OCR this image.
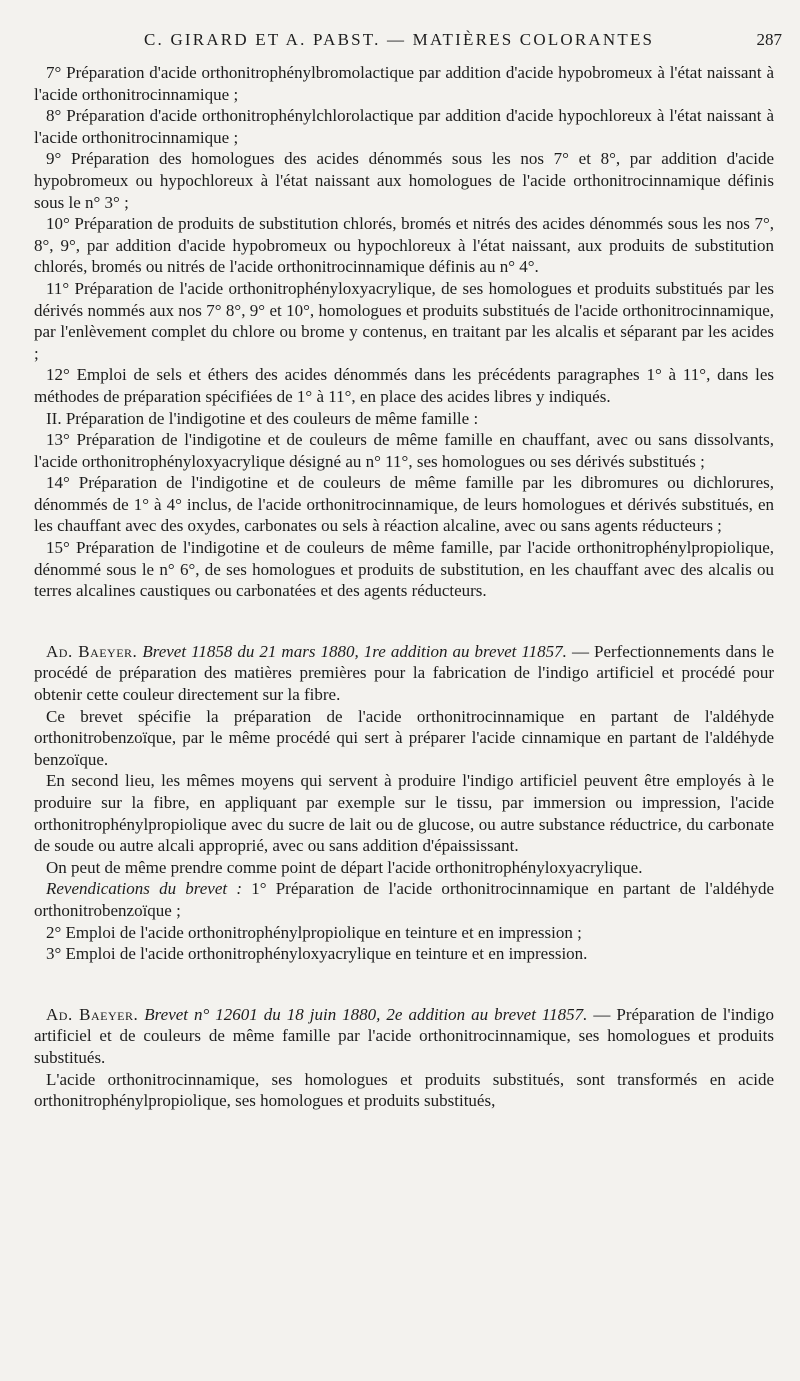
C. GIRARD ET A. PABST. — MATIÈRES COLORANTES	287

7° Préparation d'acide orthonitrophénylbromolactique par addition d'acide hypobromeux à l'état naissant à l'acide orthonitrocinnamique ;

8° Préparation d'acide orthonitrophénylchlorolactique par addition d'acide hypochloreux à l'état naissant à l'acide orthonitrocinnamique ;

9° Préparation des homologues des acides dénommés sous les nos 7° et 8°, par addition d'acide hypobromeux ou hypochloreux à l'état naissant aux homologues de l'acide orthonitrocinnamique définis sous le n° 3° ;

10° Préparation de produits de substitution chlorés, bromés et nitrés des acides dénommés sous les nos 7°, 8°, 9°, par addition d'acide hypobromeux ou hypochloreux à l'état naissant, aux produits de substitution chlorés, bromés ou nitrés de l'acide orthonitrocinnamique définis au n° 4°.

11° Préparation de l'acide orthonitrophényloxyacrylique, de ses homologues et produits substitués par les dérivés nommés aux nos 7° 8°, 9° et 10°, homologues et produits substitués de l'acide orthonitrocinnamique, par l'enlèvement complet du chlore ou brome y contenus, en traitant par les alcalis et séparant par les acides ;

12° Emploi de sels et éthers des acides dénommés dans les précédents paragraphes 1° à 11°, dans les méthodes de préparation spécifiées de 1° à 11°, en place des acides libres y indiqués.

II. Préparation de l'indigotine et des couleurs de même famille :

13° Préparation de l'indigotine et de couleurs de même famille en chauffant, avec ou sans dissolvants, l'acide orthonitrophényloxyacrylique désigné au n° 11°, ses homologues ou ses dérivés substitués ;

14° Préparation de l'indigotine et de couleurs de même famille par les dibromures ou dichlorures, dénommés de 1° à 4° inclus, de l'acide orthonitrocinnamique, de leurs homologues et dérivés substitués, en les chauffant avec des oxydes, carbonates ou sels à réaction alcaline, avec ou sans agents réducteurs ;

15° Préparation de l'indigotine et de couleurs de même famille, par l'acide orthonitrophénylpropiolique, dénommé sous le n° 6°, de ses homologues et produits de substitution, en les chauffant avec des alcalis ou terres alcalines caustiques ou carbonatées et des agents réducteurs.

Ad. Baeyer. Brevet 11858 du 21 mars 1880, 1re addition au brevet 11857. — Perfectionnements dans le procédé de préparation des matières premières pour la fabrication de l'indigo artificiel et procédé pour obtenir cette couleur directement sur la fibre.

Ce brevet spécifie la préparation de l'acide orthonitrocinnamique en partant de l'aldéhyde orthonitrobenzoïque, par le même procédé qui sert à préparer l'acide cinnamique en partant de l'aldéhyde benzoïque.

En second lieu, les mêmes moyens qui servent à produire l'indigo artificiel peuvent être employés à le produire sur la fibre, en appliquant par exemple sur le tissu, par immersion ou impression, l'acide orthonitrophénylpropiolique avec du sucre de lait ou de glucose, ou autre substance réductrice, du carbonate de soude ou autre alcali approprié, avec ou sans addition d'épaississant.

On peut de même prendre comme point de départ l'acide orthonitrophényloxyacrylique.

Revendications du brevet : 1° Préparation de l'acide orthonitrocinnamique en partant de l'aldéhyde orthonitrobenzoïque ;

2° Emploi de l'acide orthonitrophénylpropiolique en teinture et en impression ;

3° Emploi de l'acide orthonitrophényloxyacrylique en teinture et en impression.

Ad. Baeyer. Brevet n° 12601 du 18 juin 1880, 2e addition au brevet 11857. — Préparation de l'indigo artificiel et de couleurs de même famille par l'acide orthonitrocinnamique, ses homologues et produits substitués.

L'acide orthonitrocinnamique, ses homologues et produits substitués, sont transformés en acide orthonitrophénylpropiolique, ses homologues et produits substitués,
